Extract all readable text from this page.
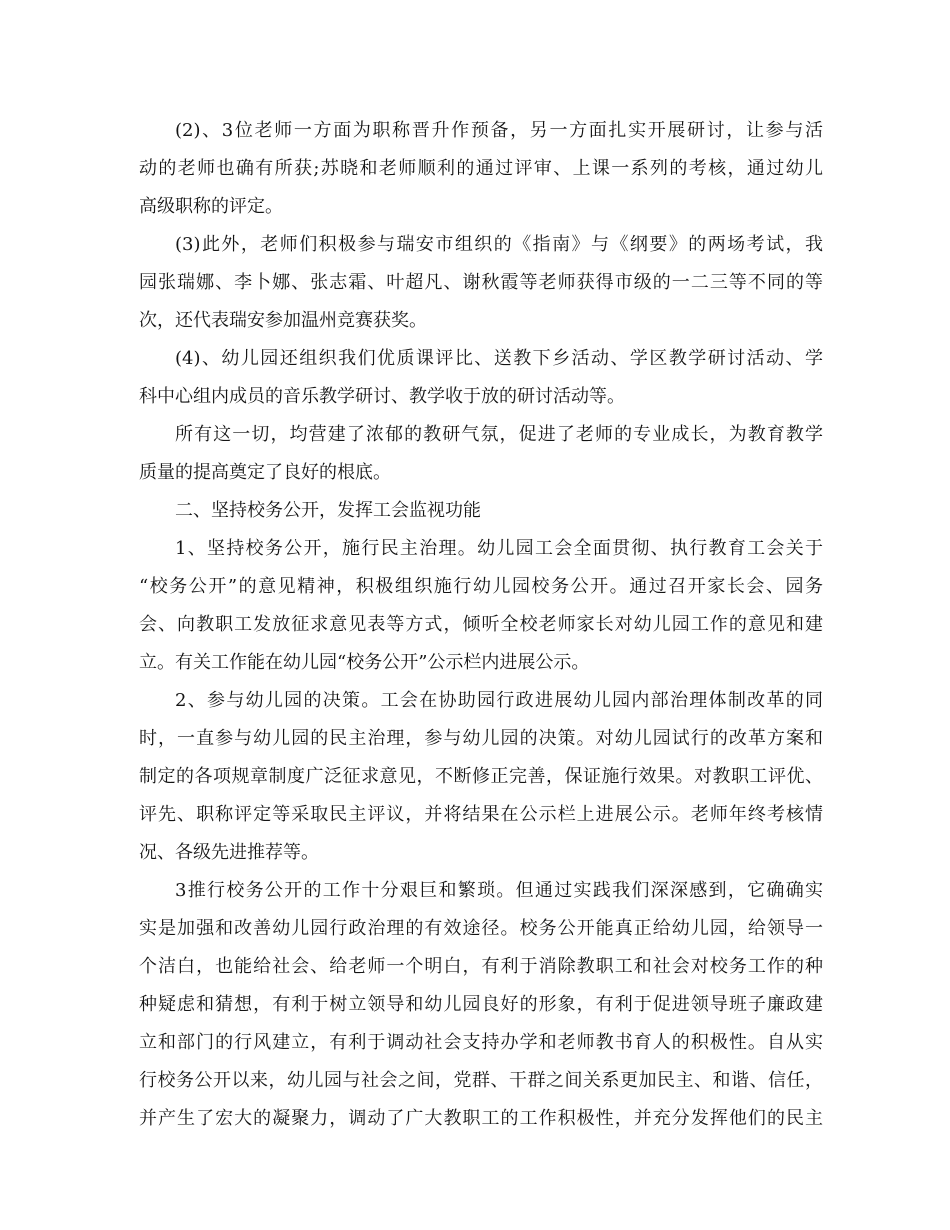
(2)、3位老师一方面为职称晋升作预备，另一方面扎实开展研讨，让参与活
动的老师也确有所获;苏晓和老师顺利的通过评审、上课一系列的考核，通过幼儿
高级职称的评定。
(3)此外，老师们积极参与瑞安市组织的《指南》与《纲要》的两场考试，我
园张瑞娜、李卜娜、张志霜、叶超凡、谢秋霞等老师获得市级的一二三等不同的等
次，还代表瑞安参加温州竞赛获奖。
(4)、幼儿园还组织我们优质课评比、送教下乡活动、学区教学研讨活动、学
科中心组内成员的音乐教学研讨、教学收于放的研讨活动等。
所有这一切，均营建了浓郁的教研气氛，促进了老师的专业成长，为教育教学
质量的提高奠定了良好的根底。
二、坚持校务公开，发挥工会监视功能
1、坚持校务公开，施行民主治理。幼儿园工会全面贯彻、执行教育工会关于
“校务公开”的意见精神，积极组织施行幼儿园校务公开。通过召开家长会、园务
会、向教职工发放征求意见表等方式，倾听全校老师家长对幼儿园工作的意见和建
立。有关工作能在幼儿园“校务公开”公示栏内进展公示。
2、参与幼儿园的决策。工会在协助园行政进展幼儿园内部治理体制改革的同
时，一直参与幼儿园的民主治理，参与幼儿园的决策。对幼儿园试行的改革方案和
制定的各项规章制度广泛征求意见，不断修正完善，保证施行效果。对教职工评优、
评先、职称评定等采取民主评议，并将结果在公示栏上进展公示。老师年终考核情
况、各级先进推荐等。
3推行校务公开的工作十分艰巨和繁琐。但通过实践我们深深感到，它确确实
实是加强和改善幼儿园行政治理的有效途径。校务公开能真正给幼儿园，给领导一
个洁白，也能给社会、给老师一个明白，有利于消除教职工和社会对校务工作的种
种疑虑和猜想，有利于树立领导和幼儿园良好的形象，有利于促进领导班子廉政建
立和部门的行风建立，有利于调动社会支持办学和老师教书育人的积极性。自从实
行校务公开以来，幼儿园与社会之间，党群、干群之间关系更加民主、和谐、信任，
并产生了宏大的凝聚力，调动了广大教职工的工作积极性，并充分发挥他们的民主
